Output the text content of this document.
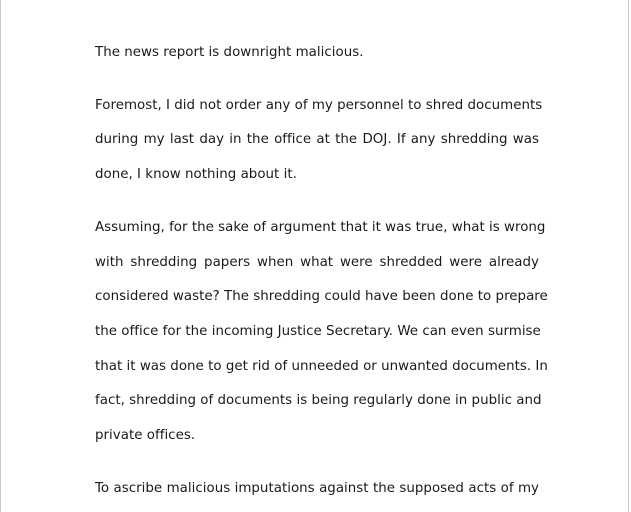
The news report is downright malicious.

Foremost, I did not order any of my personnel to shred documents
during my last day in the office at the DOJ. If any shredding was
done, I know nothing about it.

Assuming, for the sake of argument that it was true, what is wrong
with shredding papers when what were shredded were already
considered waste? The shredding could have been done to prepare
the office for the incoming Justice Secretary. We can even surmise
that it was done to get rid of unneeded or unwanted documents. In
fact, shredding of documents is being regularly done in public and
private offices.

To ascribe malicious imputations against the supposed acts of my
